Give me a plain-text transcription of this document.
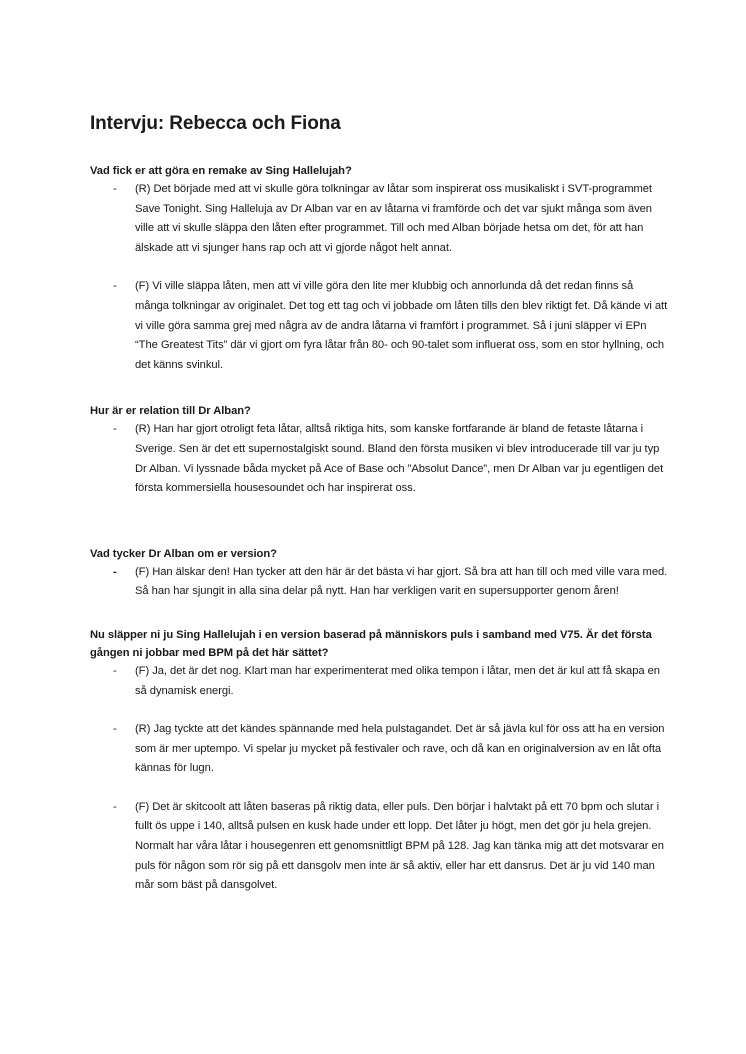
Intervju: Rebecca och Fiona

Vad fick er att göra en remake av Sing Hallelujah?

- (R) Det började med att vi skulle göra tolkningar av låtar som inspirerat oss musikaliskt i SVT-programmet Save Tonight. Sing Halleluja av Dr Alban var en av låtarna vi framförde och det var sjukt många som även ville att vi skulle släppa den låten efter programmet. Till och med Alban började hetsa om det, för att han älskade att vi sjunger hans rap och att vi gjorde något helt annat.
- (F) Vi ville släppa låten, men att vi ville göra den lite mer klubbig och annorlunda då det redan finns så många tolkningar av originalet. Det tog ett tag och vi jobbade om låten tills den blev riktigt fet. Då kände vi att vi ville göra samma grej med några av de andra låtarna vi framfört i programmet. Så i juni släpper vi EPn “The Greatest Tits” där vi gjort om fyra låtar från 80- och 90-talet som influerat oss, som en stor hyllning, och det känns svinkul.

Hur är er relation till Dr Alban?

- (R) Han har gjort otroligt feta låtar, alltså riktiga hits, som kanske fortfarande är bland de fetaste låtarna i Sverige. Sen är det ett supernostalgiskt sound. Bland den första musiken vi blev introducerade till var ju typ Dr Alban. Vi lyssnade båda mycket på Ace of Base och ”Absolut Dance”, men Dr Alban var ju egentligen det första kommersiella housesoundet och har inspirerat oss.

Vad tycker Dr Alban om er version?

- (F) Han älskar den! Han tycker att den här är det bästa vi har gjort. Så bra att han till och med ville vara med. Så han har sjungit in alla sina delar på nytt. Han har verkligen varit en supersupporter genom åren!

Nu släpper ni ju Sing Hallelujah i en version baserad på människors puls i samband med V75. Är det första gången ni jobbar med BPM på det här sättet?

- (F) Ja, det är det nog. Klart man har experimenterat med olika tempon i låtar, men det är kul att få skapa en så dynamisk energi.
- (R) Jag tyckte att det kändes spännande med hela pulstagandet. Det är så jävla kul för oss att ha en version som är mer uptempo. Vi spelar ju mycket på festivaler och rave, och då kan en originalversion av en låt ofta kännas för lugn.
- (F) Det är skitcoolt att låten baseras på riktig data, eller puls. Den börjar i halvtakt på ett 70 bpm och slutar i fullt ös uppe i 140, alltså pulsen en kusk hade under ett lopp. Det låter ju högt, men det gör ju hela grejen. Normalt har våra låtar i housegenren ett genomsnittligt BPM på 128. Jag kan tänka mig att det motsvarar en puls för någon som rör sig på ett dansgolv men inte är så aktiv, eller har ett dansrus. Det är ju vid 140 man mår som bäst på dansgolvet.
